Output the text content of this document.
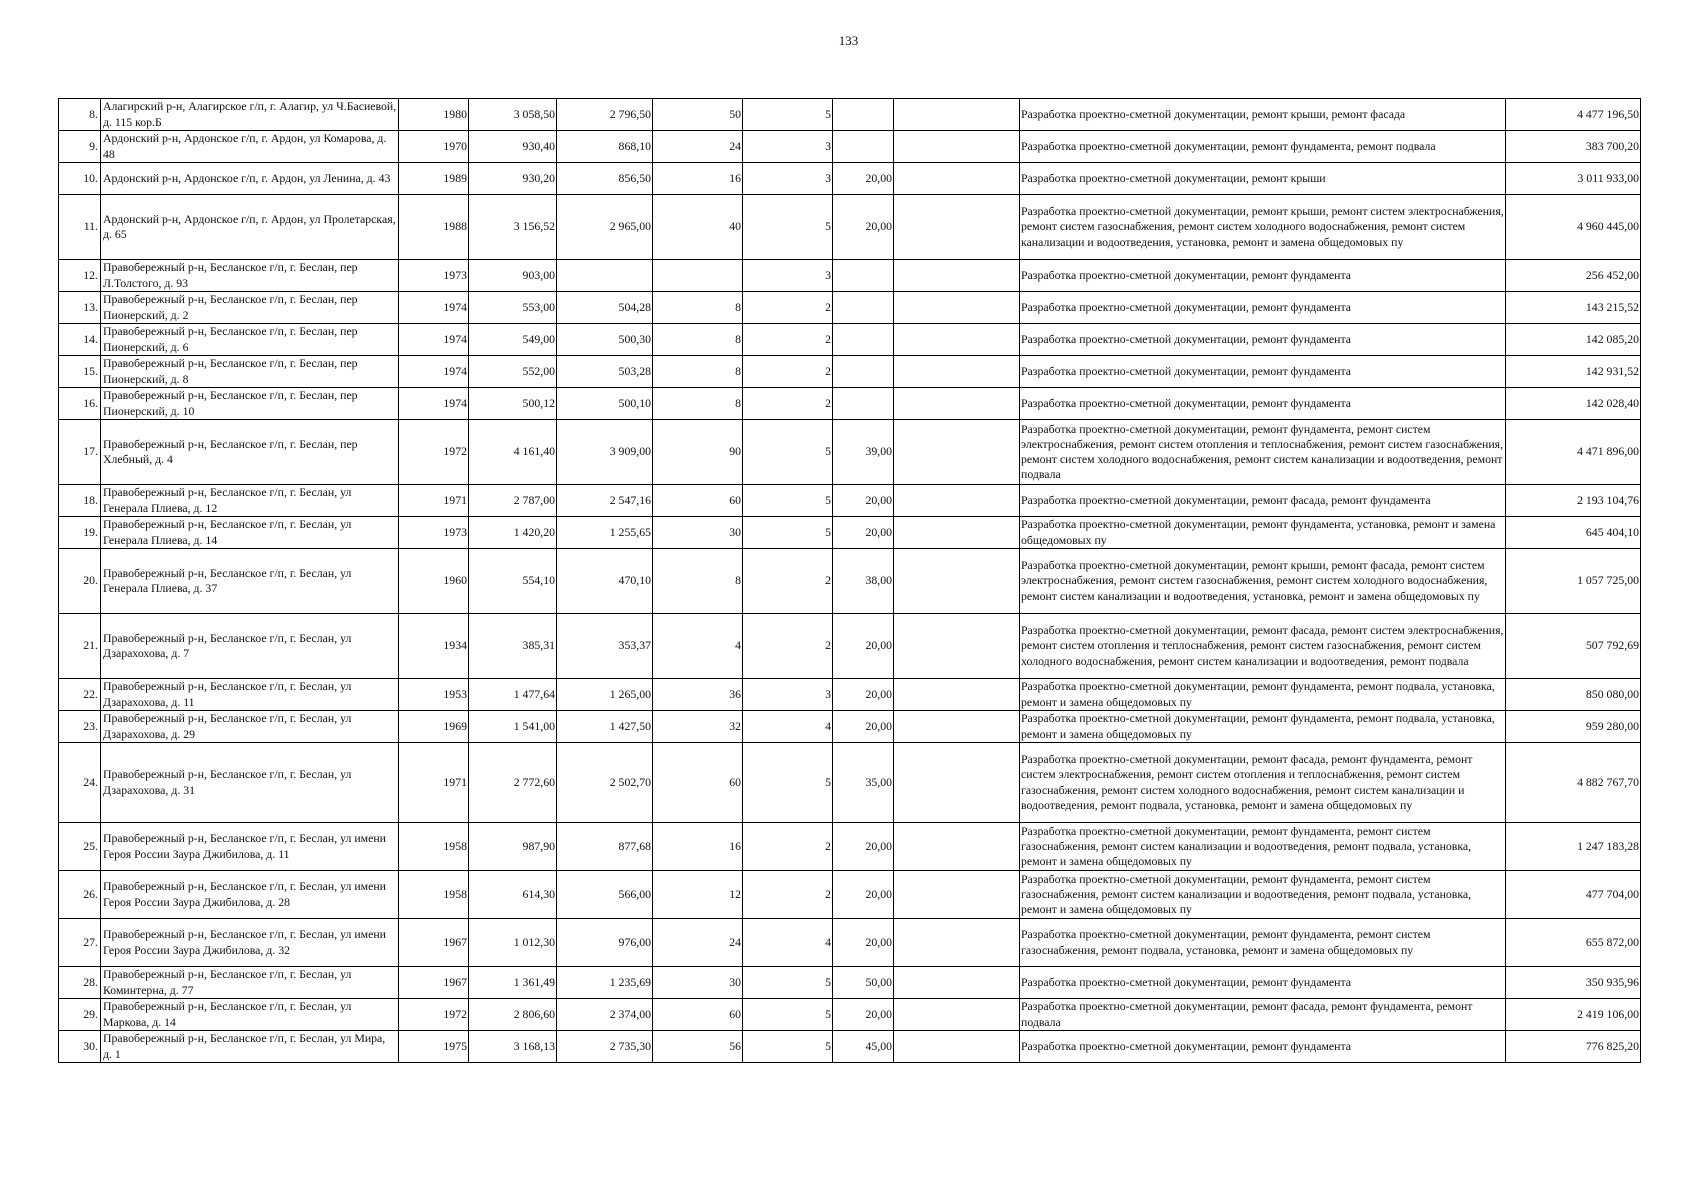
133
8.	Алагирский р-н, Алагирское г/п, г. Алагир, ул Ч.Басиевой, д. 115 кор.Б	1980	3 058,50	2 796,50	50	5			Разработка проектно-сметной документации, ремонт крыши, ремонт фасада	4 477 196,50
9.	Ардонский р-н, Ардонское г/п, г. Ардон, ул Комарова, д. 48	1970	930,40	868,10	24	3			Разработка проектно-сметной документации, ремонт фундамента, ремонт подвала	383 700,20
10.	Ардонский р-н, Ардонское г/п, г. Ардон, ул Ленина, д. 43	1989	930,20	856,50	16	3	20,00		Разработка проектно-сметной документации, ремонт крыши	3 011 933,00
11.	Ардонский р-н, Ардонское г/п, г. Ардон, ул Пролетарская, д. 65	1988	3 156,52	2 965,00	40	5	20,00		Разработка проектно-сметной документации, ремонт крыши, ремонт систем электроснабжения, ремонт систем газоснабжения, ремонт систем холодного водоснабжения, ремонт систем канализации и водоотведения, установка, ремонт и замена общедомовых пу	4 960 445,00
12.	Правобережный р-н, Бесланское г/п, г. Беслан, пер Л.Толстого, д. 93	1973	903,00			3			Разработка проектно-сметной документации, ремонт фундамента	256 452,00
13.	Правобережный р-н, Бесланское г/п, г. Беслан, пер Пионерский, д. 2	1974	553,00	504,28	8	2			Разработка проектно-сметной документации, ремонт фундамента	143 215,52
14.	Правобережный р-н, Бесланское г/п, г. Беслан, пер Пионерский, д. 6	1974	549,00	500,30	8	2			Разработка проектно-сметной документации, ремонт фундамента	142 085,20
15.	Правобережный р-н, Бесланское г/п, г. Беслан, пер Пионерский, д. 8	1974	552,00	503,28	8	2			Разработка проектно-сметной документации, ремонт фундамента	142 931,52
16.	Правобережный р-н, Бесланское г/п, г. Беслан, пер Пионерский, д. 10	1974	500,12	500,10	8	2			Разработка проектно-сметной документации, ремонт фундамента	142 028,40
17.	Правобережный р-н, Бесланское г/п, г. Беслан, пер Хлебный, д. 4	1972	4 161,40	3 909,00	90	5	39,00		Разработка проектно-сметной документации, ремонт фундамента, ремонт систем электроснабжения, ремонт систем отопления и теплоснабжения, ремонт систем газоснабжения, ремонт систем холодного водоснабжения, ремонт систем канализации и водоотведения, ремонт подвала	4 471 896,00
18.	Правобережный р-н, Бесланское г/п, г. Беслан, ул Генерала Плиева, д. 12	1971	2 787,00	2 547,16	60	5	20,00		Разработка проектно-сметной документации, ремонт фасада, ремонт фундамента	2 193 104,76
19.	Правобережный р-н, Бесланское г/п, г. Беслан, ул Генерала Плиева, д. 14	1973	1 420,20	1 255,65	30	5	20,00		Разработка проектно-сметной документации, ремонт фундамента, установка, ремонт и замена общедомовых пу	645 404,10
20.	Правобережный р-н, Бесланское г/п, г. Беслан, ул Генерала Плиева, д. 37	1960	554,10	470,10	8	2	38,00		Разработка проектно-сметной документации, ремонт крыши, ремонт фасада, ремонт систем электроснабжения, ремонт систем газоснабжения, ремонт систем холодного водоснабжения, ремонт систем канализации и водоотведения, установка, ремонт и замена общедомовых пу	1 057 725,00
21.	Правобережный р-н, Бесланское г/п, г. Беслан, ул Дзарахохова, д. 7	1934	385,31	353,37	4	2	20,00		Разработка проектно-сметной документации, ремонт фасада, ремонт систем электроснабжения, ремонт систем отопления и теплоснабжения, ремонт систем газоснабжения, ремонт систем холодного водоснабжения, ремонт систем канализации и водоотведения, ремонт подвала	507 792,69
22.	Правобережный р-н, Бесланское г/п, г. Беслан, ул Дзарахохова, д. 11	1953	1 477,64	1 265,00	36	3	20,00		Разработка проектно-сметной документации, ремонт фундамента, ремонт подвала, установка, ремонт и замена общедомовых пу	850 080,00
23.	Правобережный р-н, Бесланское г/п, г. Беслан, ул Дзарахохова, д. 29	1969	1 541,00	1 427,50	32	4	20,00		Разработка проектно-сметной документации, ремонт фундамента, ремонт подвала, установка, ремонт и замена общедомовых пу	959 280,00
24.	Правобережный р-н, Бесланское г/п, г. Беслан, ул Дзарахохова, д. 31	1971	2 772,60	2 502,70	60	5	35,00		Разработка проектно-сметной документации, ремонт фасада, ремонт фундамента, ремонт систем электроснабжения, ремонт систем отопления и теплоснабжения, ремонт систем газоснабжения, ремонт систем холодного водоснабжения, ремонт систем канализации и водоотведения, ремонт подвала, установка, ремонт и замена общедомовых пу	4 882 767,70
25.	Правобережный р-н, Бесланское г/п, г. Беслан, ул имени Героя России Заура Джибилова, д. 11	1958	987,90	877,68	16	2	20,00		Разработка проектно-сметной документации, ремонт фундамента, ремонт систем газоснабжения, ремонт систем канализации и водоотведения, ремонт подвала, установка, ремонт и замена общедомовых пу	1 247 183,28
26.	Правобережный р-н, Бесланское г/п, г. Беслан, ул имени Героя России Заура Джибилова, д. 28	1958	614,30	566,00	12	2	20,00		Разработка проектно-сметной документации, ремонт фундамента, ремонт систем газоснабжения, ремонт систем канализации и водоотведения, ремонт подвала, установка, ремонт и замена общедомовых пу	477 704,00
27.	Правобережный р-н, Бесланское г/п, г. Беслан, ул имени Героя России Заура Джибилова, д. 32	1967	1 012,30	976,00	24	4	20,00		Разработка проектно-сметной документации, ремонт фундамента, ремонт систем газоснабжения, ремонт подвала, установка, ремонт и замена общедомовых пу	655 872,00
28.	Правобережный р-н, Бесланское г/п, г. Беслан, ул Коминтерна, д. 77	1967	1 361,49	1 235,69	30	5	50,00		Разработка проектно-сметной документации, ремонт фундамента	350 935,96
29.	Правобережный р-н, Бесланское г/п, г. Беслан, ул Маркова, д. 14	1972	2 806,60	2 374,00	60	5	20,00		Разработка проектно-сметной документации, ремонт фасада, ремонт фундамента, ремонт подвала	2 419 106,00
30.	Правобережный р-н, Бесланское г/п, г. Беслан, ул Мира, д. 1	1975	3 168,13	2 735,30	56	5	45,00		Разработка проектно-сметной документации, ремонт фундамента	776 825,20
